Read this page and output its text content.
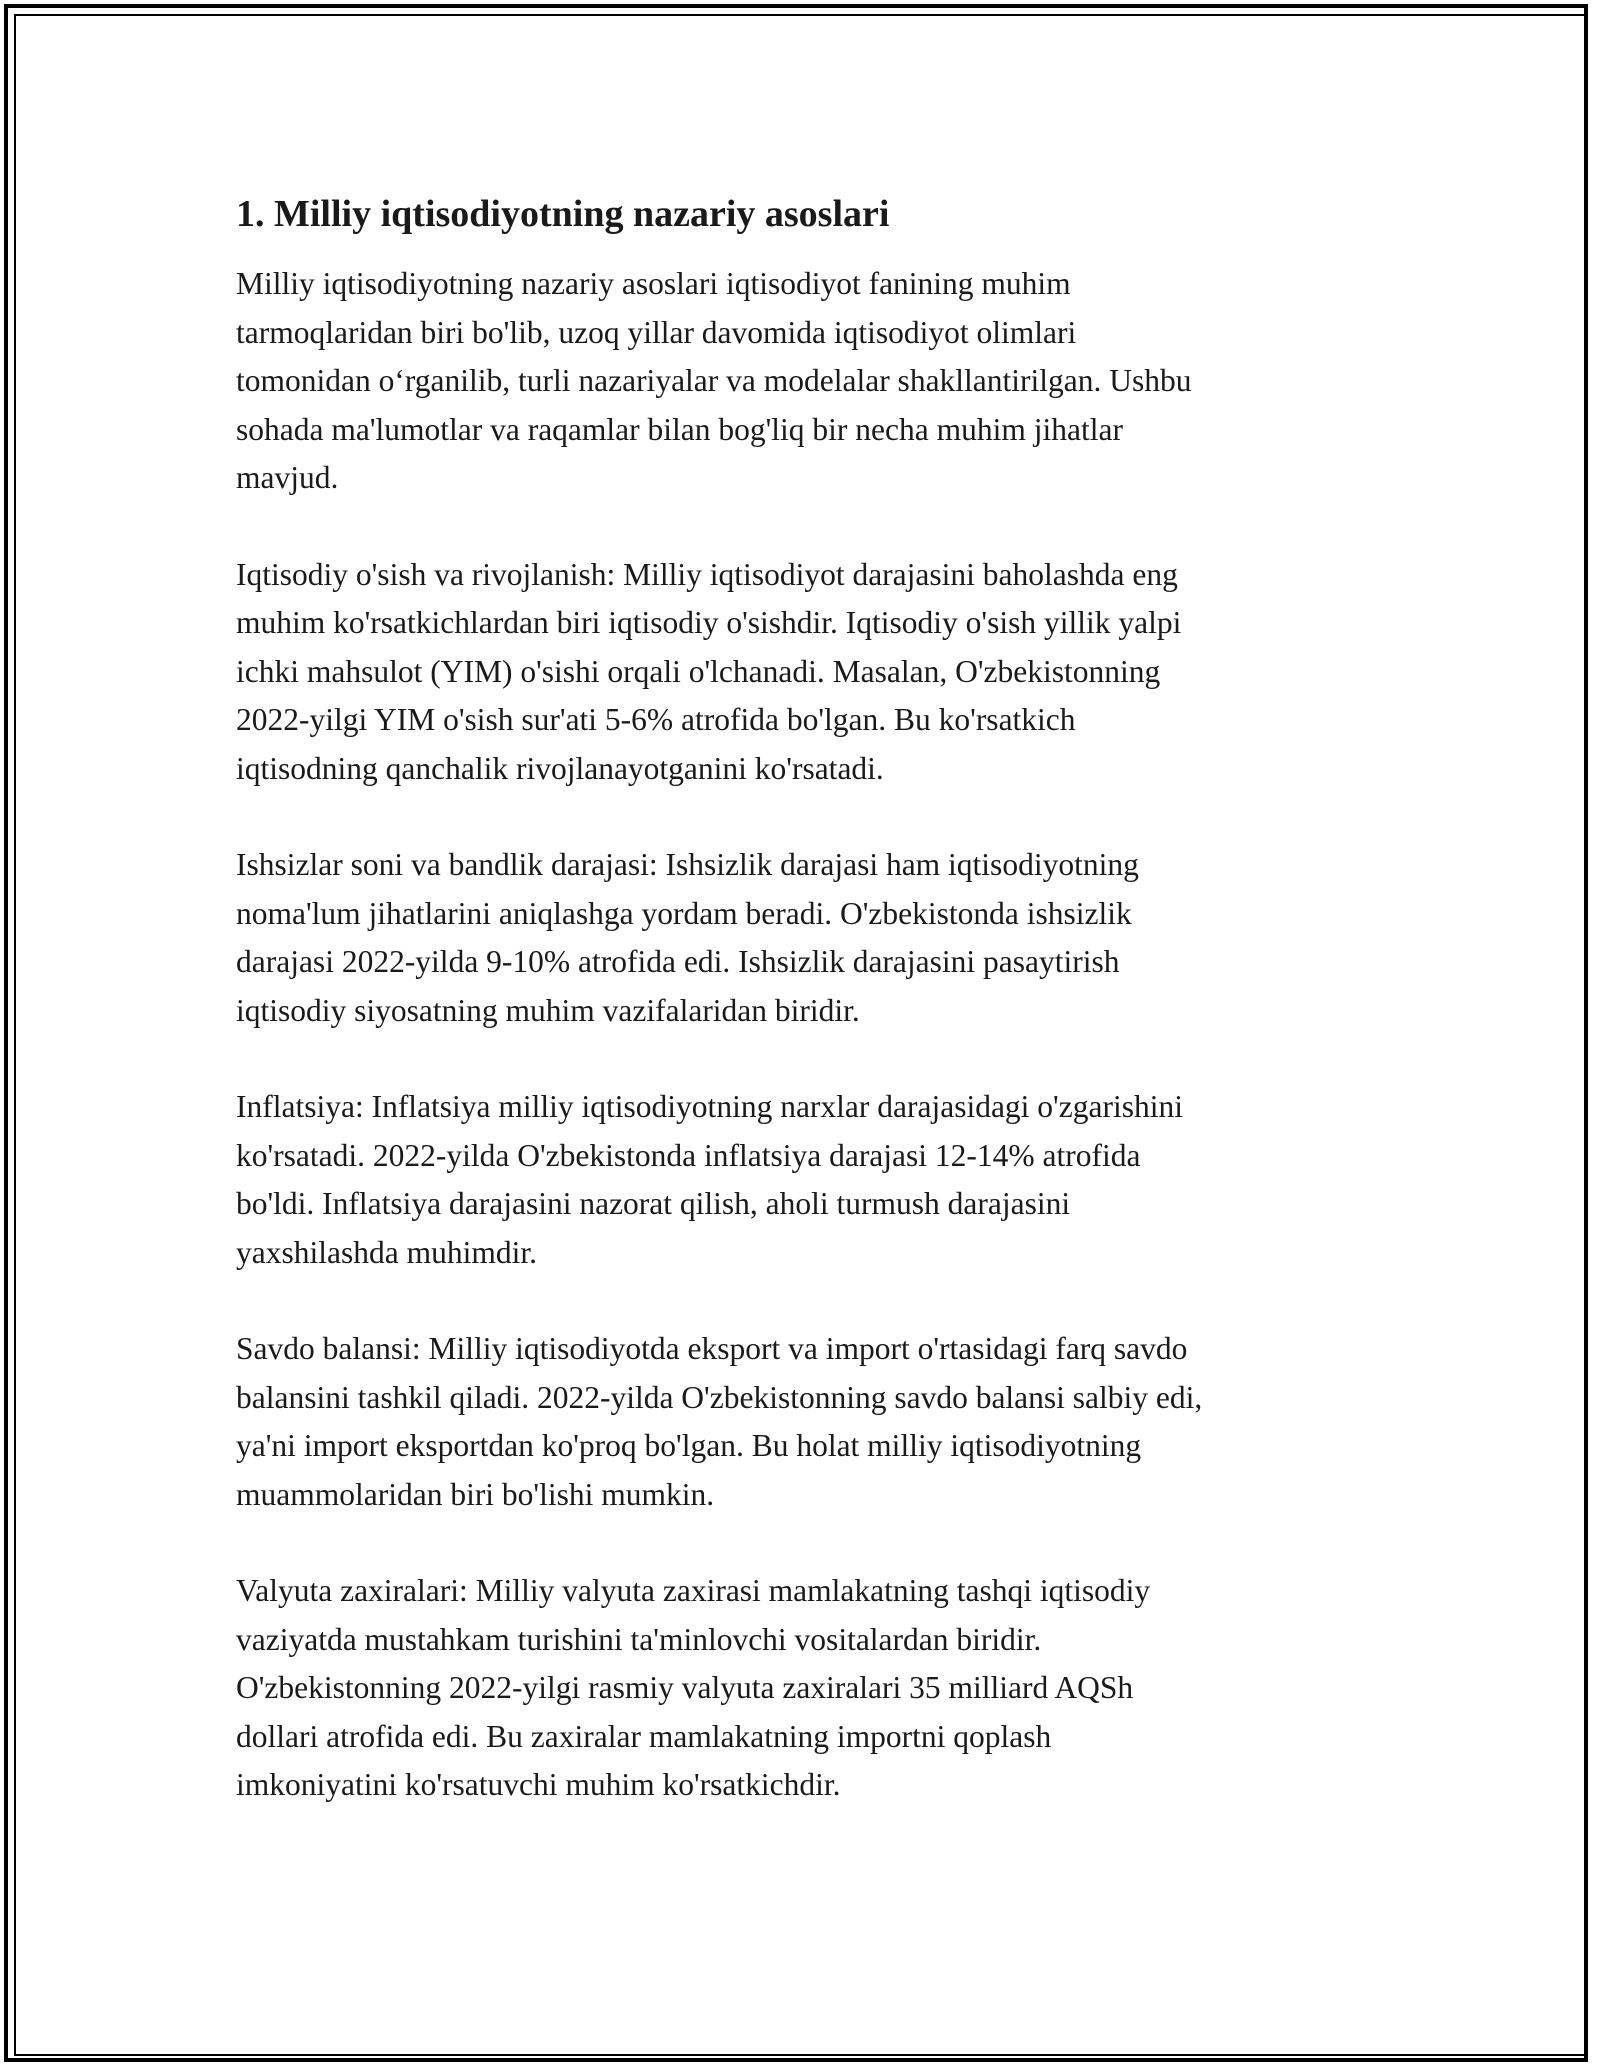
1. Milliy iqtisodiyotning nazariy asoslari

Milliy iqtisodiyotning nazariy asoslari iqtisodiyot fanining muhim
tarmoqlaridan biri bo'lib, uzoq yillar davomida iqtisodiyot olimlari
tomonidan o‘rganilib, turli nazariyalar va modelalar shakllantirilgan. Ushbu
sohada ma'lumotlar va raqamlar bilan bog'liq bir necha muhim jihatlar
mavjud.

Iqtisodiy o'sish va rivojlanish: Milliy iqtisodiyot darajasini baholashda eng
muhim ko'rsatkichlardan biri iqtisodiy o'sishdir. Iqtisodiy o'sish yillik yalpi
ichki mahsulot (YIM) o'sishi orqali o'lchanadi. Masalan, O'zbekistonning
2022-yilgi YIM o'sish sur'ati 5-6% atrofida bo'lgan. Bu ko'rsatkich
iqtisodning qanchalik rivojlanayotganini ko'rsatadi.

Ishsizlar soni va bandlik darajasi: Ishsizlik darajasi ham iqtisodiyotning
noma'lum jihatlarini aniqlashga yordam beradi. O'zbekistonda ishsizlik
darajasi 2022-yilda 9-10% atrofida edi. Ishsizlik darajasini pasaytirish
iqtisodiy siyosatning muhim vazifalaridan biridir.

Inflatsiya: Inflatsiya milliy iqtisodiyotning narxlar darajasidagi o'zgarishini
ko'rsatadi. 2022-yilda O'zbekistonda inflatsiya darajasi 12-14% atrofida
bo'ldi. Inflatsiya darajasini nazorat qilish, aholi turmush darajasini
yaxshilashda muhimdir.

Savdo balansi: Milliy iqtisodiyotda eksport va import o'rtasidagi farq savdo
balansini tashkil qiladi. 2022-yilda O'zbekistonning savdo balansi salbiy edi,
ya'ni import eksportdan ko'proq bo'lgan. Bu holat milliy iqtisodiyotning
muammolaridan biri bo'lishi mumkin.

Valyuta zaxiralari: Milliy valyuta zaxirasi mamlakatning tashqi iqtisodiy
vaziyatda mustahkam turishini ta'minlovchi vositalardan biridir.
O'zbekistonning 2022-yilgi rasmiy valyuta zaxiralari 35 milliard AQSh
dollari atrofida edi. Bu zaxiralar mamlakatning importni qoplash
imkoniyatini ko'rsatuvchi muhim ko'rsatkichdir.
